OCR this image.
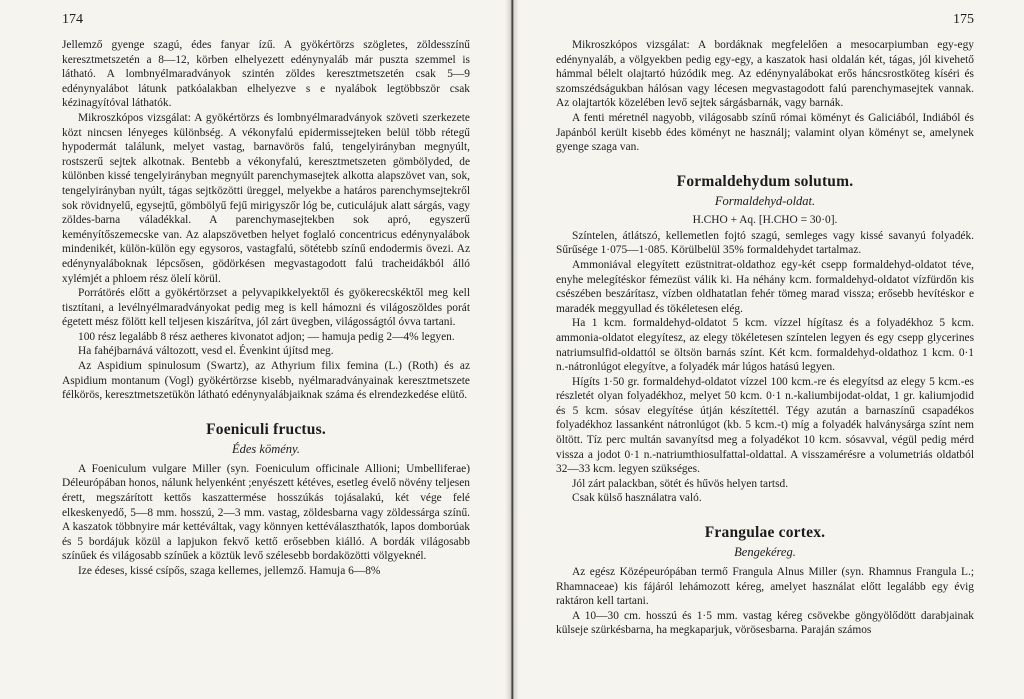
174

Jellemző gyenge szagú, édes fanyar ízű. A gyökértörzs szögletes, zöldesszínű keresztmetszetén a 8—12, körben elhelyezett edénynyaláb már puszta szemmel is látható. A lombnyélmaradványok szintén zöldes keresztmetszetén csak 5—9 edénynyalábot látunk patkóalakban elhelyezve s e nyalábok legtöbbször csak kézinagyítóval láthatók.

Mikroszkópos vizsgálat: A gyökértörzs és lombnyélmaradványok szöveti szerkezete közt nincsen lényeges különbség. A vékonyfalú epidermissejteken belül több rétegű hypodermát találunk, melyet vastag, barnavörös falú, tengelyirányban megnyúlt, rostszerű sejtek alkotnak. Bentebb a vékonyfalú, keresztmetszeten gömbölyded, de különben kissé tengelyirányban megnyúlt parenchymasejtek alkotta alapszövet van, sok, tengelyirányban nyúlt, tágas sejtközötti üreggel, melyekbe a határos parenchymsejtekről sok rövidnyelű, egysejtű, gömbölyű fejű mirigyszőr lóg be, cuticulájuk alatt sárgás, vagy zöldes-barna váladékkal. A parenchymasejtekben sok apró, egyszerű keményítőszemecske van. Az alapszövetben helyet foglaló concentricus edénynyalábok mindenikét, külön-külön egy egysoros, vastagfalú, sötétebb színű endodermis övezi. Az edénynyaláboknak lépcsősen, gödörkésen megvastagodott falú tracheidákból álló xylémjét a phloem rész ölelí körül.

Porrátörés előtt a gyökértörzset a pelyvapikkelyektől és gyökerecskéktől meg kell tisztítani, a levélnyélmaradványokat pedig meg is kell hámozni és világoszöldes porát égetett mész fölött kell teljesen kiszárítva, jól zárt üvegben, világosságtól óvva tartani.

100 rész legalább 8 rész aetheres kivonatot adjon; — hamuja pedig 2—4% legyen.

Ha fahéjbarnává változott, vesd el. Évenkint újítsd meg.

Az Aspidium spinulosum (Swartz), az Athyrium filix femina (L.) (Roth) és az Aspidium montanum (Vogl) gyökértörzse kisebb, nyélmaradványainak keresztmetszete félkörös, keresztmetszetükön látható edénynyalábjaiknak száma és elrendezkedése elütő.

Foeniculi fructus.
Édes kömény.

A Foeniculum vulgare Miller (syn. Foeniculum officinale Allioni; Umbelliferae) Déleurópában honos, nálunk helyenként ;enyészett kétéves, esetleg évelő növény teljesen érett, megszárított kettős kaszattermése hosszúkás tojásalakú, két vége felé elkeskenyedő, 5—8 mm. hosszú, 2—3 mm. vastag, zöldesbarna vagy zöldessárga színű. A kaszatok többnyire már kettéváltak, vagy könnyen kettéválaszthatók, lapos domborúak és 5 bordájuk közül a lapjukon fekvő kettő erősebben kiálló. A bordák világosabb színűek és világosabb színűek a köztük levő szélesebb bordaközötti völgyeknél.

Ize édeses, kissé csípős, szaga kellemes, jellemző. Hamuja 6—8%

175

Mikroszkópos vizsgálat: A bordáknak megfelelően a mesocarpiumban egy-egy edénynyaláb, a völgyekben pedig egy-egy, a kaszatok hasi oldalán két, tágas, jól kivehető hámmal bélelt olajtartó húzódik meg. Az edénynyalábokat erős háncsrostköteg kíséri és szomszédságukban hálósan vagy lécesen megvastagodott falú parenchymasejtek vannak. Az olajtartók közelében levő sejtek sárgásbarnák, vagy barnák.

A fenti méretnél nagyobb, világosabb színű római köményt és Galiciából, Indiából és Japánból került kisebb édes köményt ne használj; valamint olyan köményt se, amelynek gyenge szaga van.

Formaldehydum solutum.
Formaldehyd-oldat.
H.CHO + Aq. [H.CHO = 30·0].

Színtelen, átlátszó, kellemetlen fojtó szagú, semleges vagy kissé savanyú folyadék. Sűrűsége 1·075—1·085. Körülbelül 35% formaldehydet tartalmaz.

Ammoniával elegyített ezüstnitrat-oldathoz egy-két csepp formaldehyd-oldatot téve, enyhe melegítéskor fémezüst válik ki. Ha néhány kcm. formaldehyd-oldatot vízfürdőn kis csészében beszárítasz, vízben oldhatatlan fehér tömeg marad vissza; erősebb hevítéskor e maradék meggyullad és tökéletesen elég.

Ha 1 kcm. formaldehyd-oldatot 5 kcm. vízzel hígítasz és a folyadékhoz 5 kcm. ammonia-oldatot elegyítesz, az elegy tökéletesen színtelen legyen és egy csepp glycerines natriumsulfid-oldattól se öltsön barnás színt. Két kcm. formaldehyd-oldathoz 1 kcm. 0·1 n.-nátronlúgot elegyítve, a folyadék már lúgos hatású legyen.

Hígíts 1·50 gr. formaldehyd-oldatot vízzel 100 kcm.-re és elegyítsd az elegy 5 kcm.-es részletét olyan folyadékhoz, melyet 50 kcm. 0·1 n.-kaliumbijodat-oldat, 1 gr. kaliumjodid és 5 kcm. sósav elegyítése útján készítettél. Tégy azután a barnaszínű csapadékos folyadékhoz lassanként nátronlúgot (kb. 5 kcm.-t) míg a folyadék halványsárga színt nem öltött. Tíz perc multán savanyítsd meg a folyadékot 10 kcm. sósavval, végül pedig mérd vissza a jodot 0·1 n.-natriumthiosulfattal-oldattal. A visszamérésre a volumetriás oldatból 32—33 kcm. legyen szükséges.

Jól zárt palackban, sötét és hűvös helyen tartsd.

Csak külső használatra való.

Frangulae cortex.
Bengekéreg.

Az egész Középeurópában termő Frangula Alnus Miller (syn. Rhamnus Frangula L.; Rhamnaceae) kis fájáról lehámozott kéreg, amelyet használat előtt legalább egy évig raktáron kell tartani.

A 10—30 cm. hosszú és 1·5 mm. vastag kéreg csövekbe göngyölődött darabjainak külseje szürkésbarna, ha megkaparjuk, vörösesbarna. Paraján számos
